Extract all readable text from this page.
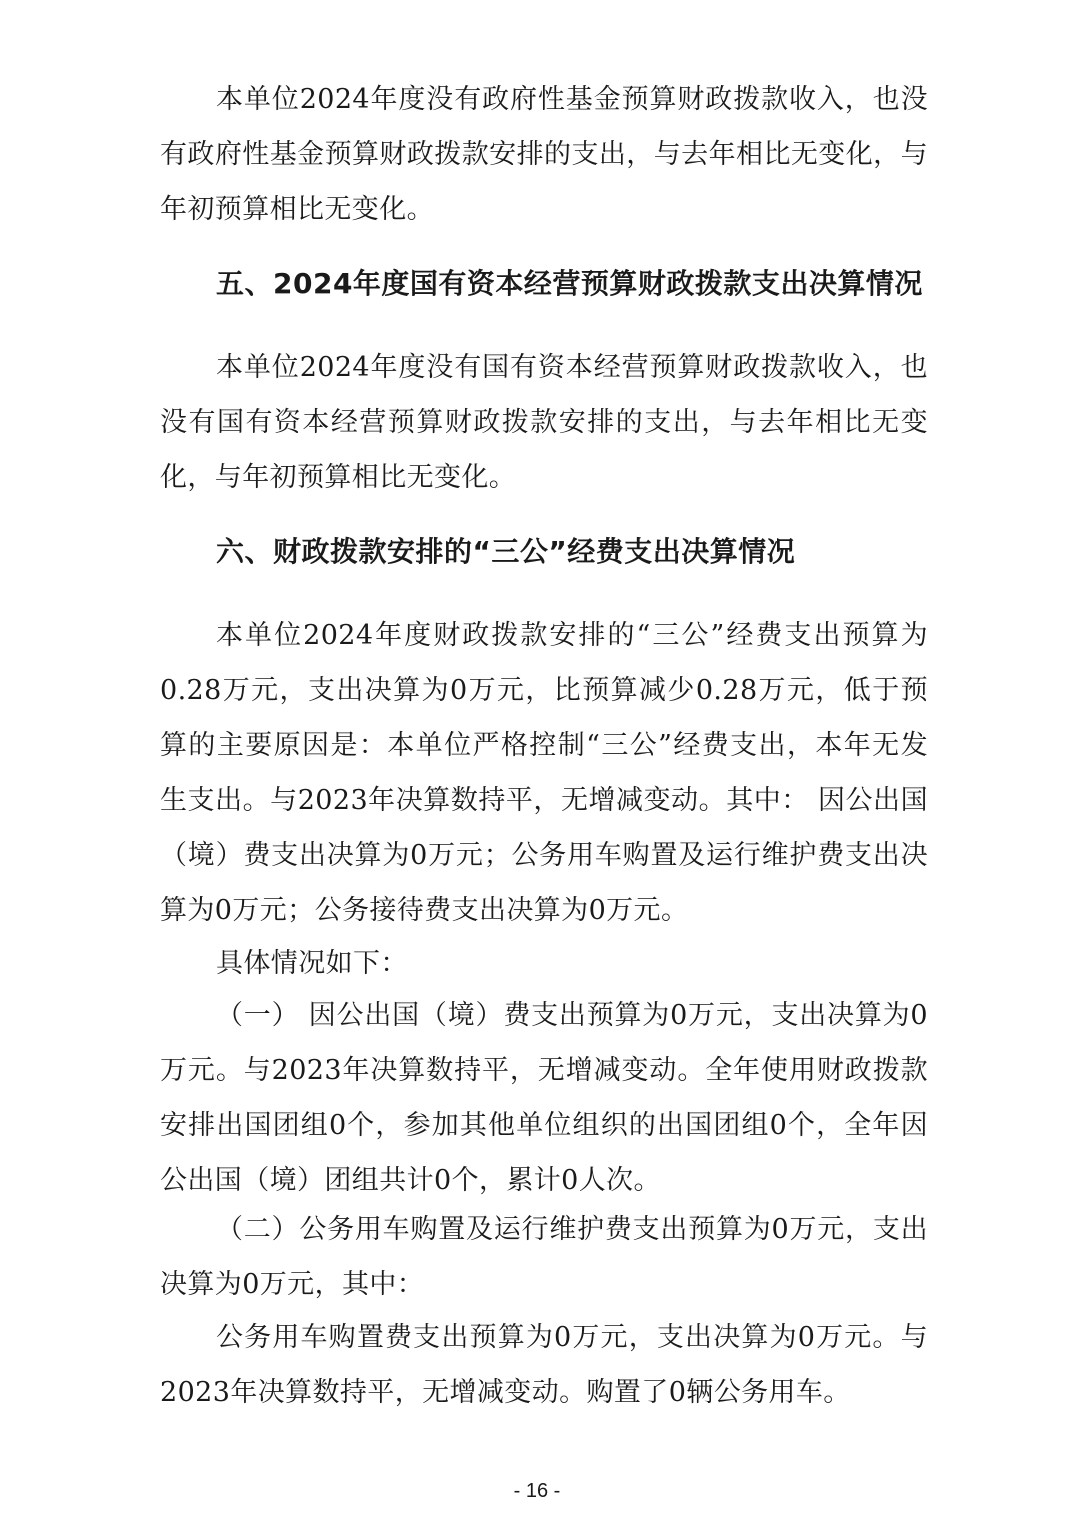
本单位2024年度没有政府性基金预算财政拨款收入，也没有政府性基金预算财政拨款安排的支出，与去年相比无变化，与年初预算相比无变化。

五、2024年度国有资本经营预算财政拨款支出决算情况

本单位2024年度没有国有资本经营预算财政拨款收入，也没有国有资本经营预算财政拨款安排的支出，与去年相比无变化，与年初预算相比无变化。

六、财政拨款安排的“三公”经费支出决算情况

本单位2024年度财政拨款安排的“三公”经费支出预算为0.28万元，支出决算为0万元，比预算减少0.28万元，低于预算的主要原因是：本单位严格控制“三公”经费支出，本年无发生支出。与2023年决算数持平，无增减变动。其中： 因公出国（境）费支出决算为0万元；公务用车购置及运行维护费支出决算为0万元；公务接待费支出决算为0万元。

具体情况如下：

（一） 因公出国（境）费支出预算为0万元，支出决算为0万元。与2023年决算数持平，无增减变动。全年使用财政拨款安排出国团组0个，参加其他单位组织的出国团组0个，全年因公出国（境）团组共计0个，累计0人次。

（二）公务用车购置及运行维护费支出预算为0万元，支出决算为0万元，其中：

公务用车购置费支出预算为0万元，支出决算为0万元。与2023年决算数持平，无增减变动。购置了0辆公务用车。

- 16 -
